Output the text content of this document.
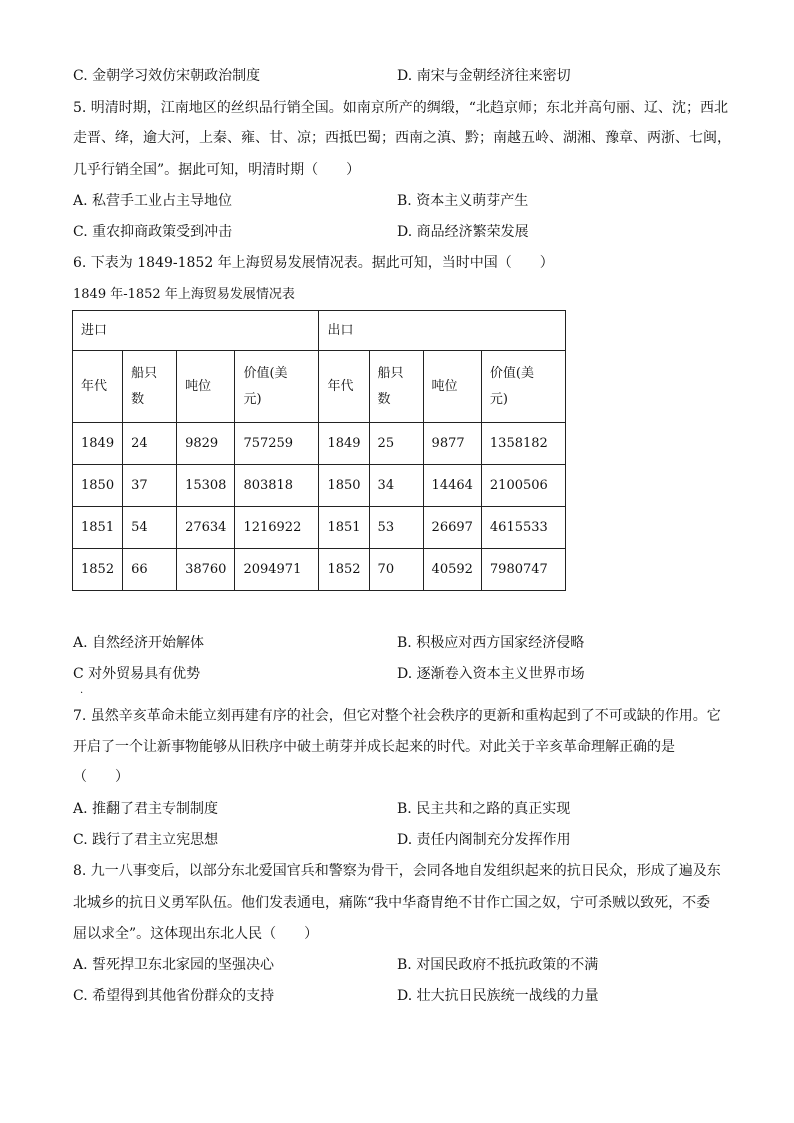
C. 金朝学习效仿宋朝政治制度	D. 南宋与金朝经济往来密切
5. 明清时期，江南地区的丝织品行销全国。如南京所产的绸缎，“北趋京师；东北并高句丽、辽、沈；西北
走晋、绛，逾大河，上秦、雍、甘、凉；西抵巴蜀；西南之滇、黔；南越五岭、湖湘、豫章、两浙、七闽，
几乎行销全国”。据此可知，明清时期（　　）
A. 私营手工业占主导地位	B. 资本主义萌芽产生
C. 重农抑商政策受到冲击	D. 商品经济繁荣发展
6. 下表为 1849-1852 年上海贸易发展情况表。据此可知，当时中国（　　）
1849 年-1852 年上海贸易发展情况表
进口				出口			
年代	船只
数	吨位	价值(美
元)	年代	船只
数	吨位	价值(美
元)
1849	24	9829	757259	1849	25	9877	1358182
1850	37	15308	803818	1850	34	14464	2100506
1851	54	27634	1216922	1851	53	26697	4615533
1852	66	38760	2094971	1852	70	40592	7980747
A. 自然经济开始解体	B. 积极应对西方国家经济侵略
C 对外贸易具有优势	D. 逐渐卷入资本主义世界市场
.
7. 虽然辛亥革命未能立刻再建有序的社会，但它对整个社会秩序的更新和重构起到了不可或缺的作用。它
开启了一个让新事物能够从旧秩序中破土萌芽并成长起来的时代。对此关于辛亥革命理解正确的是
（　　）
A. 推翻了君主专制制度	B. 民主共和之路的真正实现
C. 践行了君主立宪思想	D. 责任内阁制充分发挥作用
8. 九一八事变后，以部分东北爱国官兵和警察为骨干，会同各地自发组织起来的抗日民众，形成了遍及东
北城乡的抗日义勇军队伍。他们发表通电，痛陈“我中华裔胄绝不甘作亡国之奴，宁可杀贼以致死，不委
屈以求全”。这体现出东北人民（　　）
A. 誓死捍卫东北家园的坚强决心	B. 对国民政府不抵抗政策的不满
C. 希望得到其他省份群众的支持	D. 壮大抗日民族统一战线的力量
